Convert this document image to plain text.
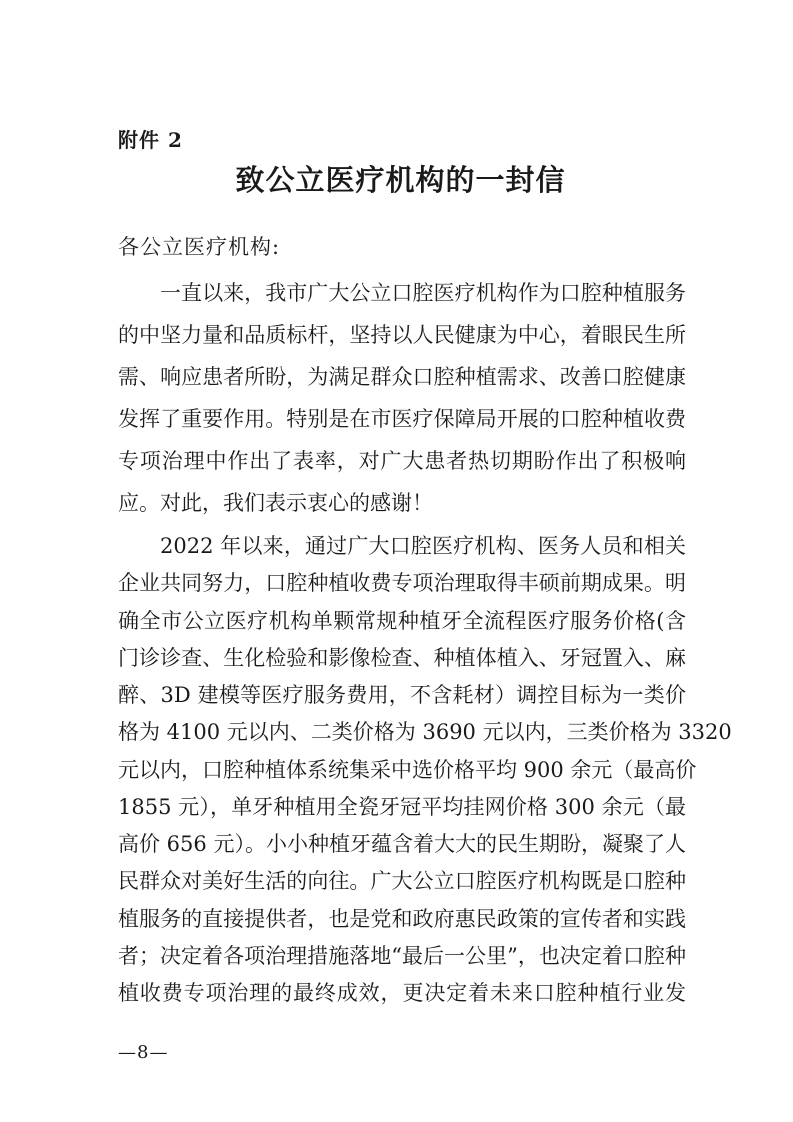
附件 2
致公立医疗机构的一封信
各公立医疗机构:
一直以来，我市广大公立口腔医疗机构作为口腔种植服务
的中坚力量和品质标杆，坚持以人民健康为中心，着眼民生所
需、响应患者所盼，为满足群众口腔种植需求、改善口腔健康
发挥了重要作用。特别是在市医疗保障局开展的口腔种植收费
专项治理中作出了表率，对广大患者热切期盼作出了积极响
应。对此，我们表示衷心的感谢！
2022 年以来，通过广大口腔医疗机构、医务人员和相关
企业共同努力，口腔种植收费专项治理取得丰硕前期成果。明
确全市公立医疗机构单颗常规种植牙全流程医疗服务价格(含
门诊诊查、生化检验和影像检查、种植体植入、牙冠置入、麻
醉、3D 建模等医疗服务费用，不含耗材）调控目标为一类价
格为 4100 元以内、二类价格为 3690 元以内，三类价格为 3320
元以内，口腔种植体系统集采中选价格平均 900 余元（最高价
1855 元），单牙种植用全瓷牙冠平均挂网价格 300 余元（最
高价 656 元）。小小种植牙蕴含着大大的民生期盼，凝聚了人
民群众对美好生活的向往。广大公立口腔医疗机构既是口腔种
植服务的直接提供者，也是党和政府惠民政策的宣传者和实践
者；决定着各项治理措施落地“最后一公里”，也决定着口腔种
植收费专项治理的最终成效，更决定着未来口腔种植行业发
—8—
